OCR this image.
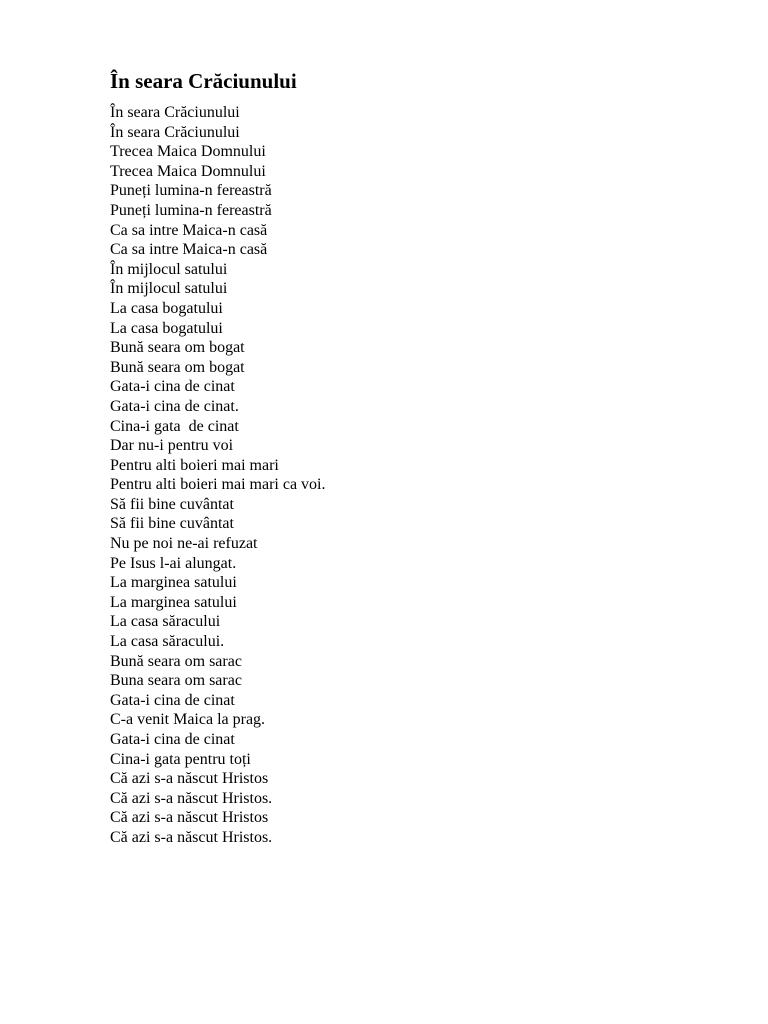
În seara Crăciunului
În seara Crăciunului
În seara Crăciunului
Trecea Maica Domnului
Trecea Maica Domnului
Puneți lumina-n fereastră
Puneți lumina-n fereastră
Ca sa intre Maica-n casă
Ca sa intre Maica-n casă
În mijlocul satului
În mijlocul satului
La casa bogatului
La casa bogatului
Bună seara om bogat
Bună seara om bogat
Gata-i cina de cinat
Gata-i cina de cinat.
Cina-i gata  de cinat
Dar nu-i pentru voi
Pentru alti boieri mai mari
Pentru alti boieri mai mari ca voi.
Să fii bine cuvântat
Să fii bine cuvântat
Nu pe noi ne-ai refuzat
Pe Isus l-ai alungat.
La marginea satului
La marginea satului
La casa săracului
La casa săracului.
Bună seara om sarac
Buna seara om sarac
Gata-i cina de cinat
C-a venit Maica la prag.
Gata-i cina de cinat
Cina-i gata pentru toți
Că azi s-a născut Hristos
Că azi s-a născut Hristos.
Că azi s-a născut Hristos
Că azi s-a născut Hristos.
